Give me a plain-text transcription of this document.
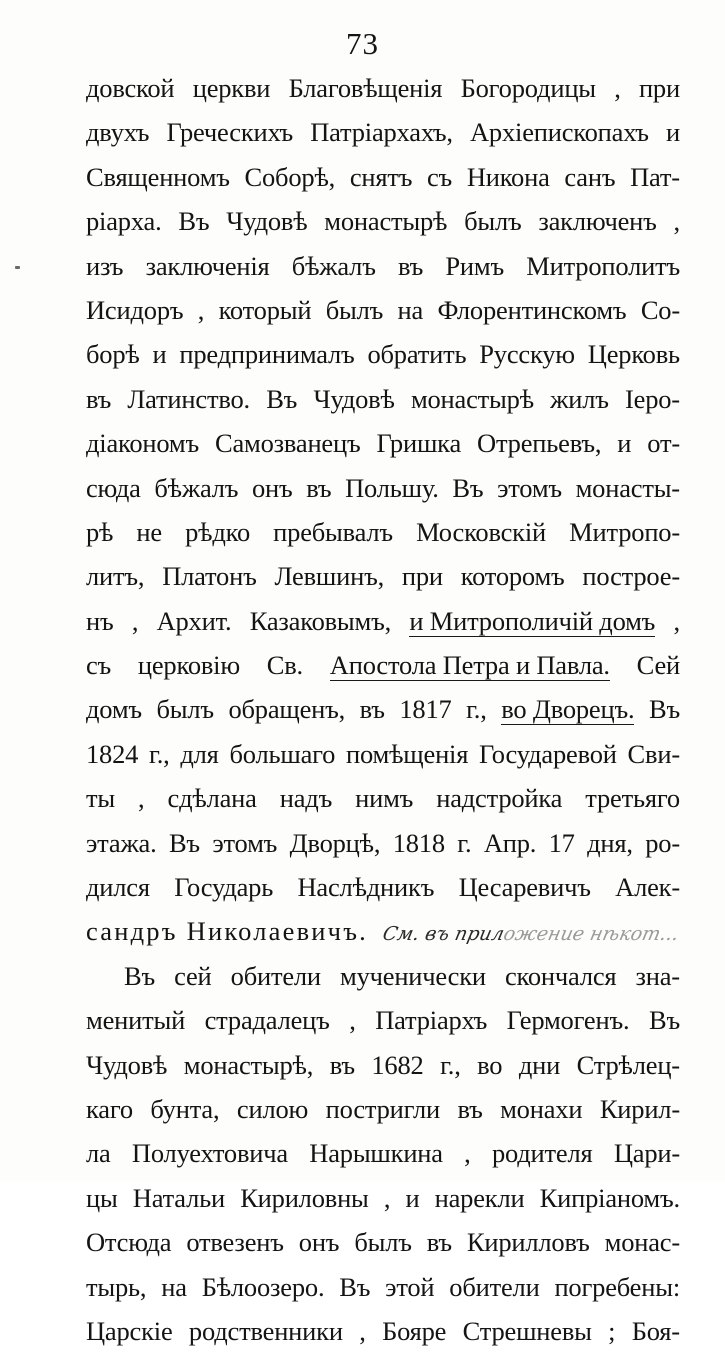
73
довской церкви Благовѣщенія Богородицы , при
двухъ Греческихъ Патріархахъ, Архіепископахъ и
Священномъ Соборѣ, снятъ съ Никона санъ Пат-
ріарха. Въ Чудовѣ монастырѣ былъ заключенъ ,
изъ заключенія бѣжалъ въ Римъ Митрополитъ
Исидоръ , который былъ на Флорентинскомъ Со-
борѣ и предпринималъ обратить Русскую Церковь
въ Латинство. Въ Чудовѣ монастырѣ жилъ Іеро-
діакономъ Самозванецъ Гришка Отрепьевъ, и от-
сюда бѣжалъ онъ въ Польшу. Въ этомъ монасты-
рѣ не рѣдко пребывалъ Московскій Митропо-
литъ, Платонъ Левшинъ, при которомъ построе-
нъ , Архит. Казаковымъ, и Митрополичій домъ ,
съ церковію Св. Апостола Петра и Павла. Сей
домъ былъ обращенъ, въ 1817 г., во Дворецъ. Въ
1824 г., для большаго помѣщенія Государевой Сви-
ты , сдѣлана надъ нимъ надстройка третьяго
этажа. Въ этомъ Дворцѣ, 1818 г. Апр. 17 дня, ро-
дился Государь Наслѣдникъ Цесаревичъ Алек-
сандръ Николаевичъ. См. въ приложение нѣкот...
Въ сей обители мученически скончался зна-
менитый страдалецъ , Патріархъ Гермогенъ. Въ
Чудовѣ монастырѣ, въ 1682 г., во дни Стрѣлец-
каго бунта, силою постригли въ монахи Кирил-
ла Полуехтовича Нарышкина , родителя Цари-
цы Натальи Кириловны , и нарекли Кипріаномъ.
Отсюда отвезенъ онъ былъ въ Кирилловъ монас-
тырь, на Бѣлоозеро. Въ этой обители погребены:
Царскіе родственники , Бояре Стрешневы ; Боя-
